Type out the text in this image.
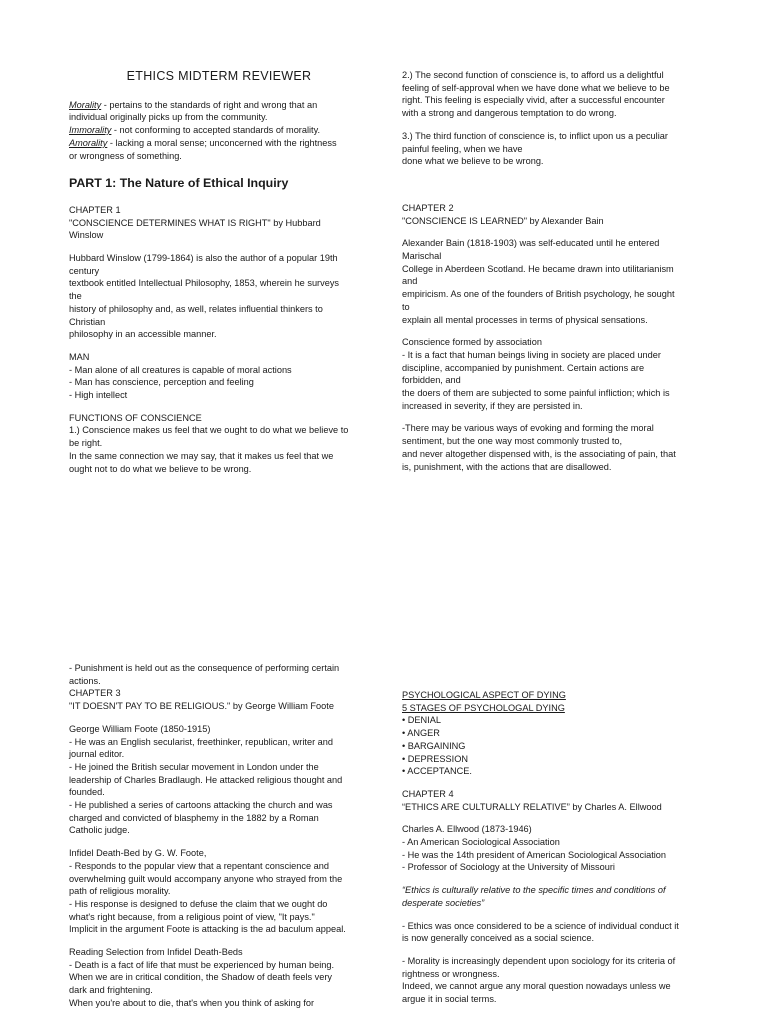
ETHICS MIDTERM REVIEWER

Morality - pertains to the standards of right and wrong that an
individual originally picks up from the community.

Immorality - not conforming to accepted standards of morality.

Amorality - lacking a moral sense; unconcerned with the rightness
or wrongness of something.

PART 1: The Nature of Ethical Inquiry

CHAPTER 1
"CONSCIENCE DETERMINES WHAT IS RIGHT" by Hubbard
Winslow

Hubbard Winslow (1799-1864) is also the author of a popular 19th
century
textbook entitled Intellectual Philosophy, 1853, wherein he surveys
the
history of philosophy and, as well, relates influential thinkers to
Christian
philosophy in an accessible manner.

MAN
- Man alone of all creatures is capable of moral actions
- Man has conscience, perception and feeling
- High intellect

FUNCTIONS OF CONSCIENCE
1.) Conscience makes us feel that we ought to do what we believe to
be right.
In the same connection we may say, that it makes us feel that we
ought not to do what we believe to be wrong.

2.) The second function of conscience is, to afford us a delightful
feeling of self-approval when we have done what we believe to be
right. This feeling is especially vivid, after a successful encounter
with a strong and dangerous temptation to do wrong.

3.) The third function of conscience is, to inflict upon us a peculiar
painful feeling, when we have
done what we believe to be wrong.

CHAPTER 2
"CONSCIENCE IS LEARNED" by Alexander Bain

Alexander Bain (1818-1903) was self-educated until he entered
Marischal
College in Aberdeen Scotland. He became drawn into utilitarianism
and
empiricism. As one of the founders of British psychology, he sought
to
explain all mental processes in terms of physical sensations.

Conscience formed by association
- It is a fact that human beings living in society are placed under
discipline, accompanied by punishment. Certain actions are
forbidden, and
the doers of them are subjected to some painful infliction; which is
increased in severity, if they are persisted in.

-There may be various ways of evoking and forming the moral
sentiment, but the one way most commonly trusted to,
and never altogether dispensed with, is the associating of pain, that
is, punishment, with the actions that are disallowed.

- Punishment is held out as the consequence of performing certain
actions.

CHAPTER 3
"IT DOESN'T PAY TO BE RELIGIOUS." by George William Foote

George William Foote (1850-1915)
- He was an English secularist, freethinker, republican, writer and
journal editor.
- He joined the British secular movement in London under the
leadership of Charles Bradlaugh. He attacked religious thought and
founded.
- He published a series of cartoons attacking the church and was
charged and convicted of blasphemy in the 1882 by a Roman
Catholic judge.

Infidel Death-Bed by G. W. Foote,
- Responds to the popular view that a repentant conscience and
overwhelming guilt would accompany anyone who strayed from the
path of religious morality.
- His response is designed to defuse the claim that we ought do
what's right because, from a religious point of view, "It pays."
Implicit in the argument Foote is attacking is the ad baculum appeal.

Reading Selection from Infidel Death-Beds
- Death is a fact of life that must be experienced by human being.
When we are in critical condition, the Shadow of death feels very
dark and frightening.
When you're about to die, that's when you think of asking for

PSYCHOLOGICAL ASPECT OF DYING

5 STAGES OF PSYCHOLOGAL DYING

• DENIAL

• ANGER

• BARGAINING

• DEPRESSION

• ACCEPTANCE.

CHAPTER 4
“ETHICS ARE CULTURALLY RELATIVE” by Charles A. Ellwood

Charles A. Ellwood (1873-1946)
- An American Sociological Association
- He was the 14th president of American Sociological Association
- Professor of Sociology at the University of Missouri

“Ethics is culturally relative to the specific times and conditions of
desperate societies”

- Ethics was once considered to be a science of individual conduct it
is now generally conceived as a social science.

- Morality is increasingly dependent upon sociology for its criteria of
rightness or wrongness.
Indeed, we cannot argue any moral question nowadays unless we
argue it in social terms.
